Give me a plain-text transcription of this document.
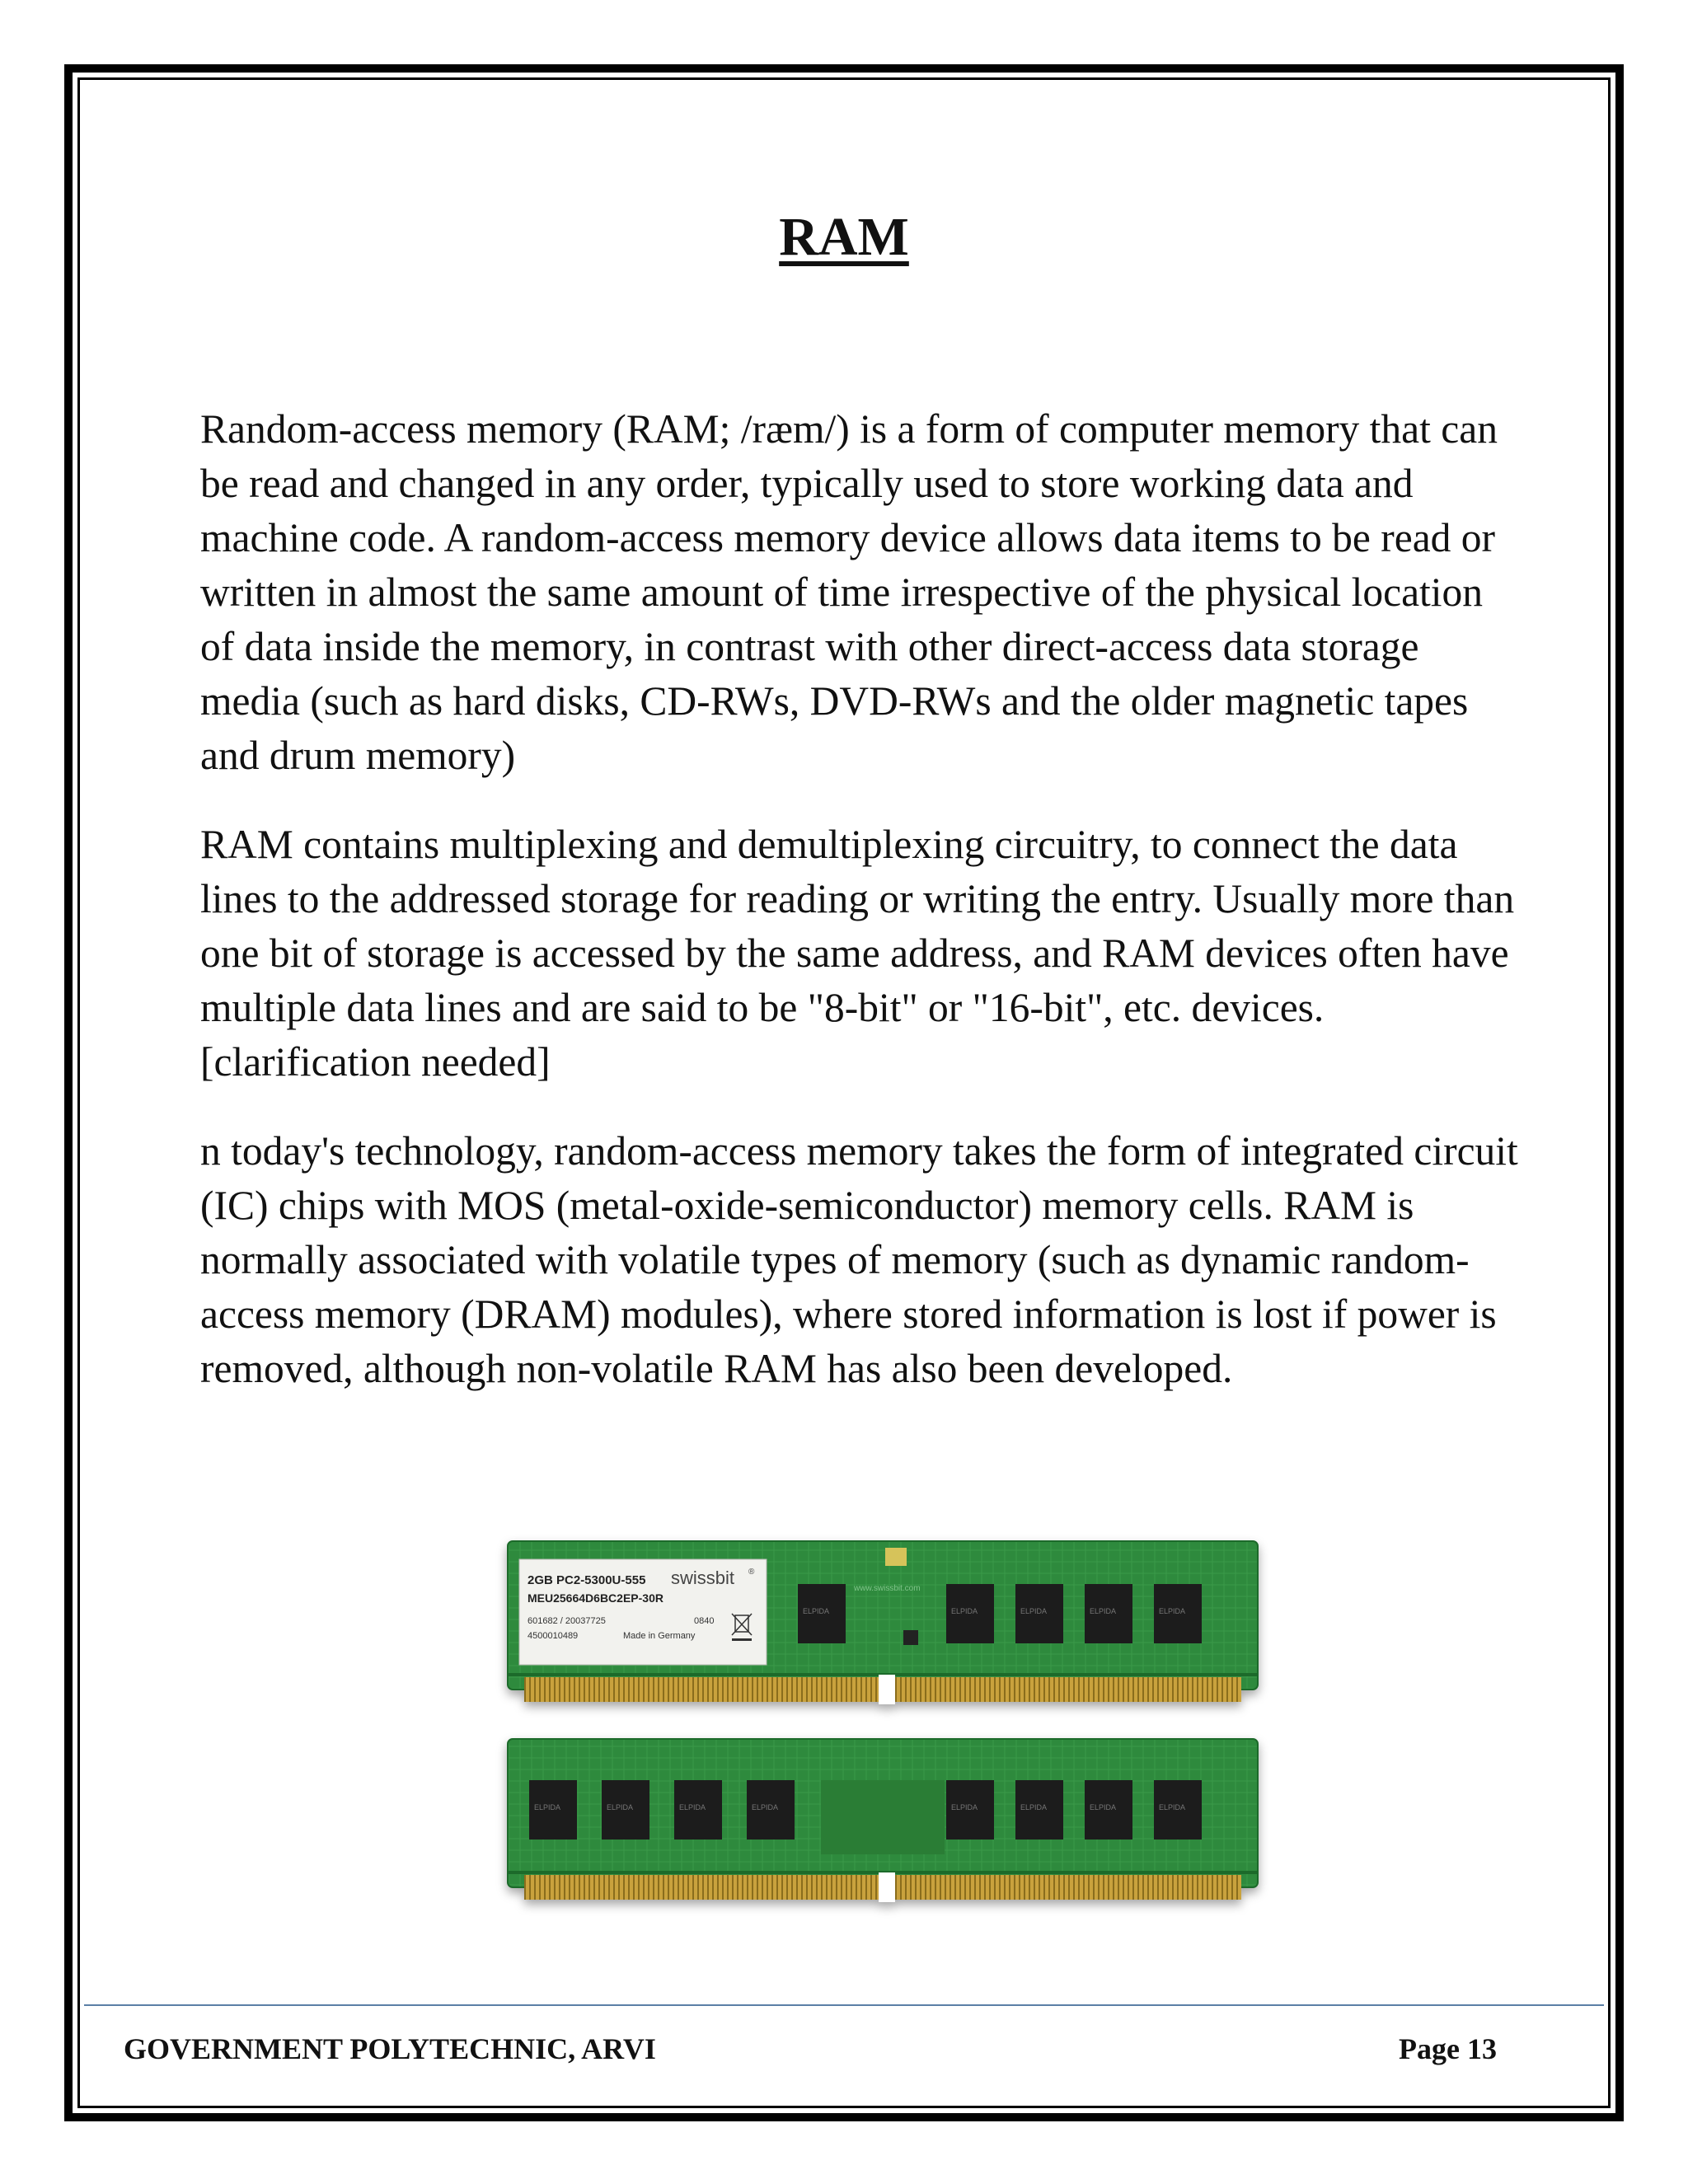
RAM

Random-access memory (RAM; /ræm/) is a form of computer memory that can be read and changed in any order, typically used to store working data and machine code. A random-access memory device allows data items to be read or written in almost the same amount of time irrespective of the physical location of data inside the memory, in contrast with other direct-access data storage media (such as hard disks, CD-RWs, DVD-RWs and the older magnetic tapes and drum memory)

RAM contains multiplexing and demultiplexing circuitry, to connect the data lines to the addressed storage for reading or writing the entry. Usually more than one bit of storage is accessed by the same address, and RAM devices often have multiple data lines and are said to be "8-bit" or "16-bit", etc. devices.[clarification needed]

n today's technology, random-access memory takes the form of integrated circuit (IC) chips with MOS (metal-oxide-semiconductor) memory cells. RAM is normally associated with volatile types of memory (such as dynamic random-access memory (DRAM) modules), where stored information is lost if power is removed, although non-volatile RAM has also been developed.

2GB PC2-5300U-555 swissbit ®
MEU25664D6BC2EP-30R
601682 / 20037725
4500010489
0840
Made in Germany
www.swissbit.com
ELPIDA	ELPIDA	ELPIDA	ELPIDA	ELPIDA
ELPIDA	ELPIDA	ELPIDA	ELPIDA	ELPIDA	ELPIDA	ELPIDA	ELPIDA
GOVERNMENT POLYTECHNIC, ARVI	Page 13
